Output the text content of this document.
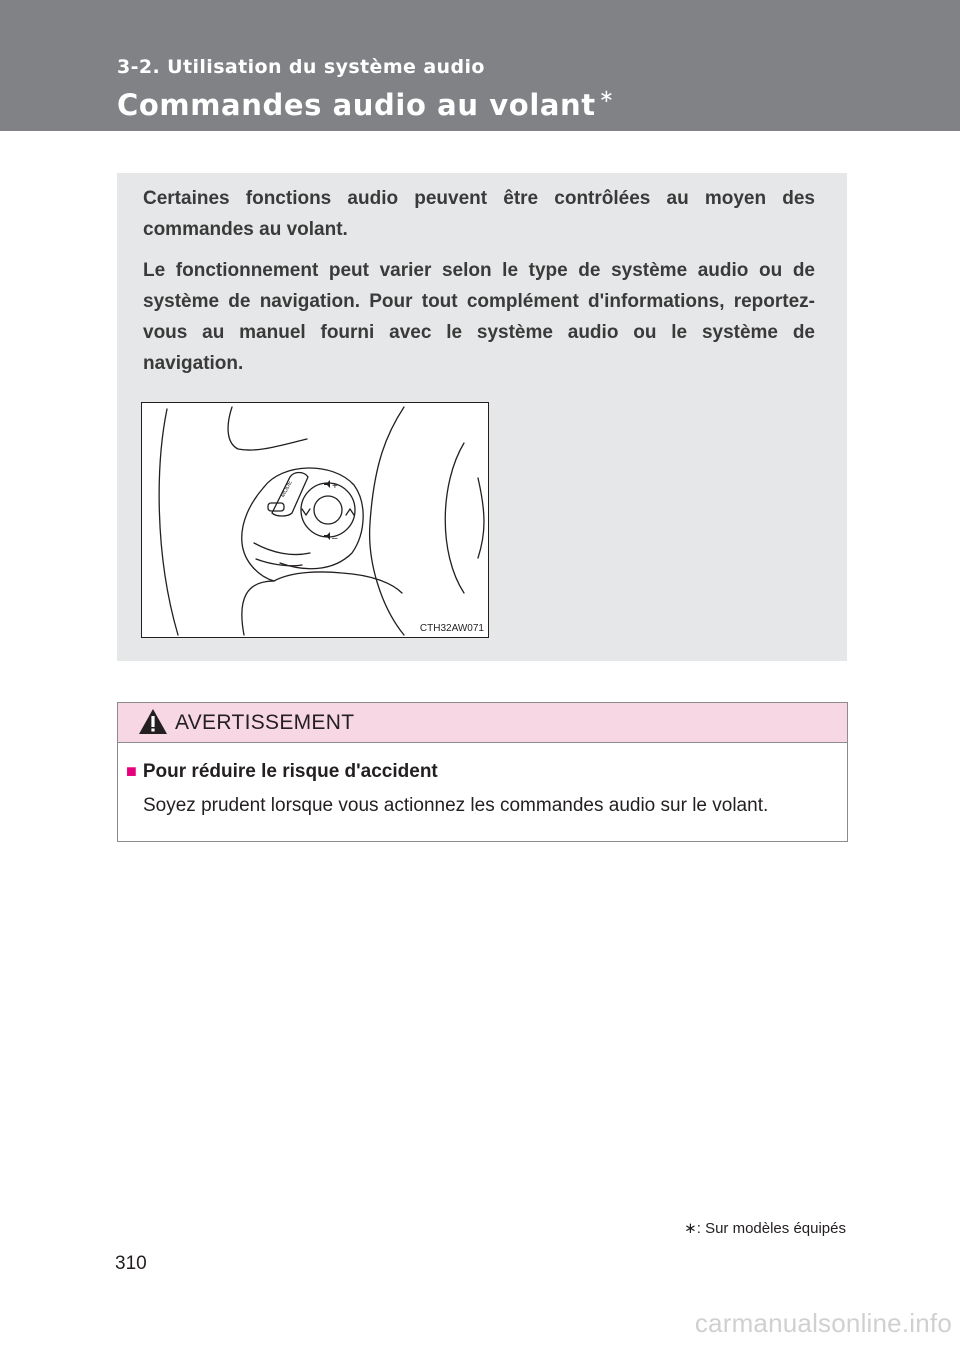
3-2. Utilisation du système audio
Commandes audio au volant ∗

Certaines fonctions audio peuvent être contrôlées au moyen des commandes au volant.

Le fonctionnement peut varier selon le type de système audio ou de système de navigation. Pour tout complément d'informations, reportez-vous au manuel fourni avec le système audio ou le système de navigation.

MODE	+
–
CTH32AW071
AVERTISSEMENT
■ Pour réduire le risque d'accident
Soyez prudent lorsque vous actionnez les commandes audio sur le volant.
∗: Sur modèles équipés
310
carmanualsonline.info
